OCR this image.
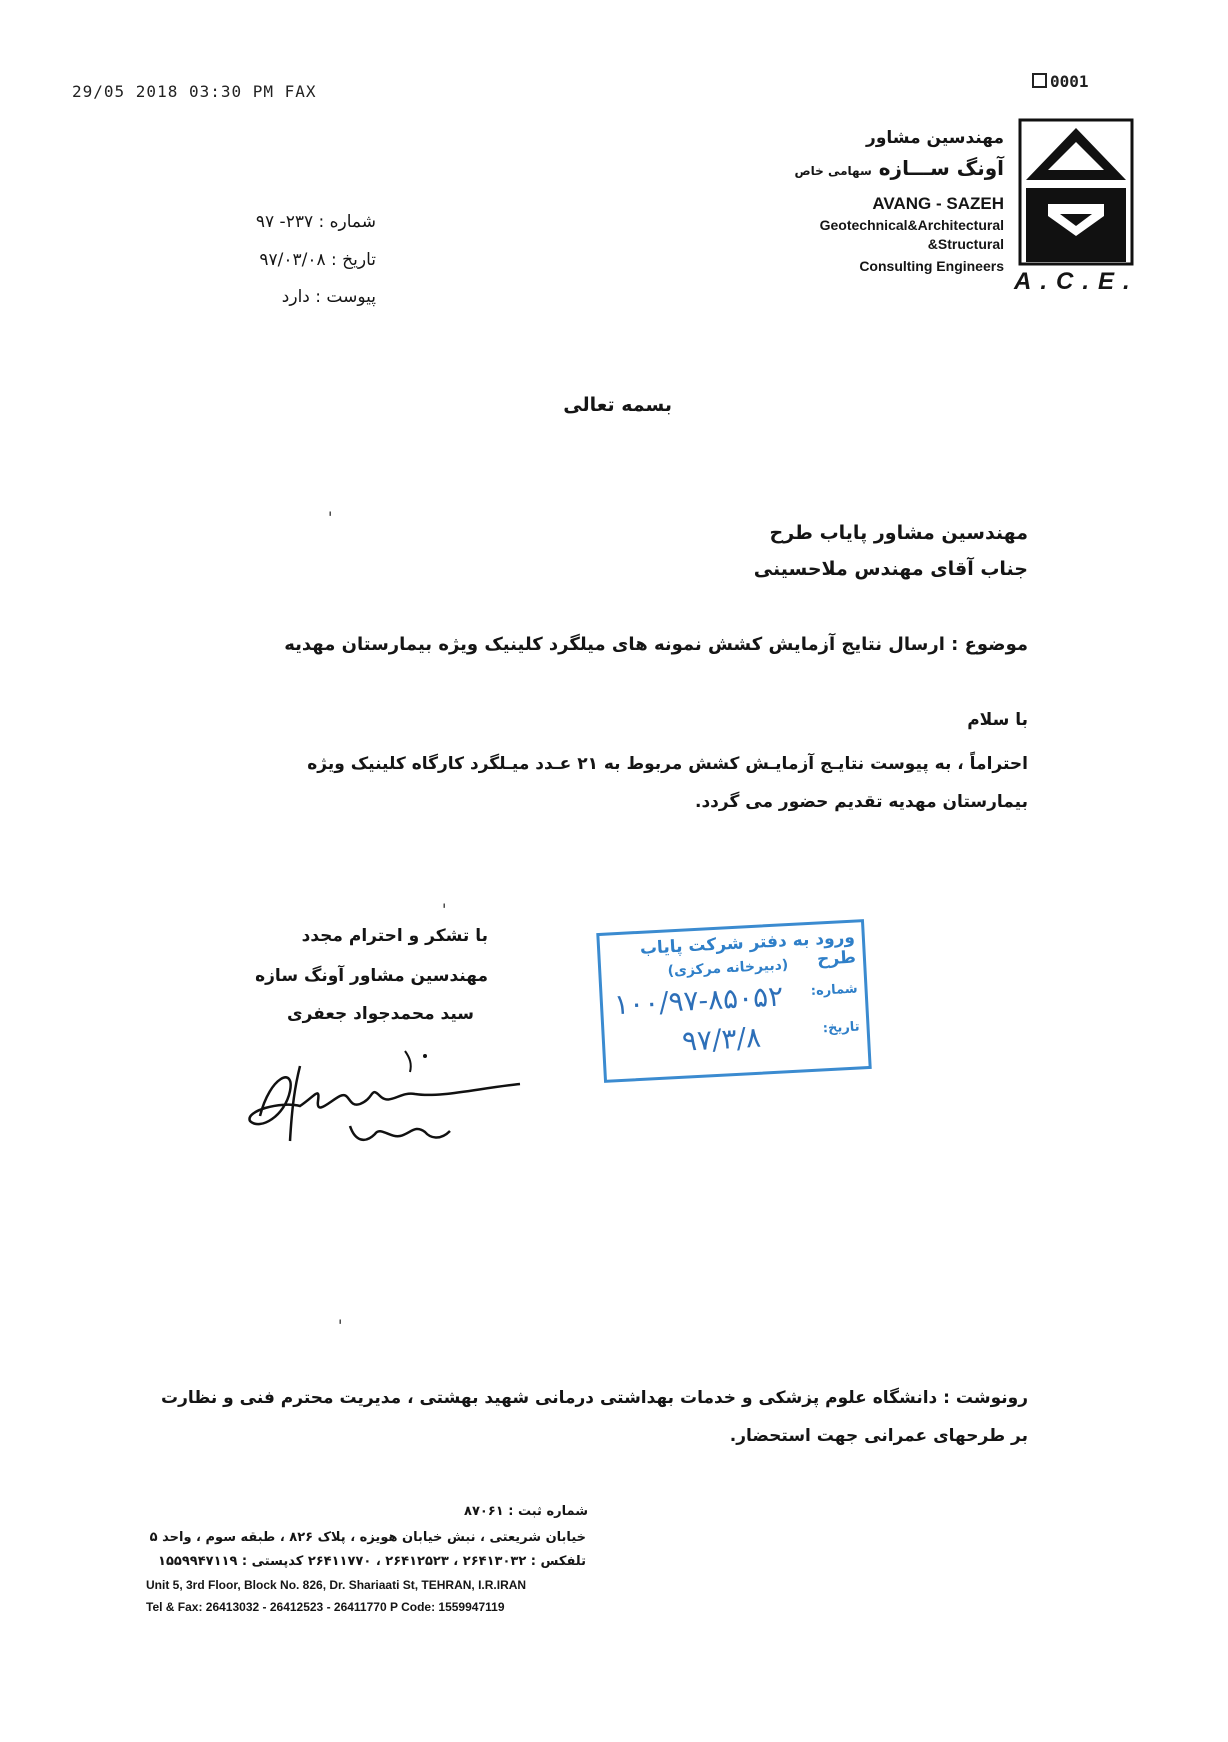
29/05 2018 03:30 PM FAX
0001
مهندسین مشاور
آونگ ســـازه سهامی خاص
AVANG - SAZEH
Geotechnical&Architectural
&Structural
Consulting Engineers
A.C.E.
شماره : ۲۳۷- ۹۷
تاریخ : ۹۷/۰۳/۰۸
پیوست : دارد
بسمه تعالی
'
مهندسین مشاور پایاب طرح
جناب آقای مهندس ملاحسینی
موضوع : ارسال نتایج آزمایش کشش نمونه های میلگرد کلینیک ویژه بیمارستان مهدیه
با سلام
احتراماً ، به پیوست نتایـج آزمایـش کشش مربوط به ۲۱ عـدد میـلگرد کارگاه کلینیک ویژه
بیمارستان مهدیه تقدیم حضور می گردد.
'
با تشکر و احترام مجدد
مهندسین مشاور آونگ سازه
سید محمدجواد جعفری
ورود به دفتر شرکت پایاب طرح
(دبیرخانه مرکزی)
شماره:
۱۰۰/۹۷-۸۵۰۵۲
تاریخ:
۹۷/۳/۸
'
رونوشت : دانشگاه علوم پزشکی و خدمات بهداشتی درمانی شهید بهشتی ، مدیریت محترم فنی و نظارت
بر طرحهای عمرانی جهت استحضار.
شماره ثبت : ۸۷۰۶۱
خیابان شریعتی ، نبش خیابان هویزه ، پلاک ۸۲۶ ، طبقه سوم ، واحد ۵
تلفکس : ۲۶۴۱۳۰۳۲ ، ۲۶۴۱۲۵۲۳ ، ۲۶۴۱۱۷۷۰ کدپستی : ۱۵۵۹۹۴۷۱۱۹
Unit 5, 3rd Floor, Block No. 826, Dr. Shariaati St, TEHRAN, I.R.IRAN
Tel & Fax: 26413032 - 26412523 - 26411770 P Code: 1559947119
